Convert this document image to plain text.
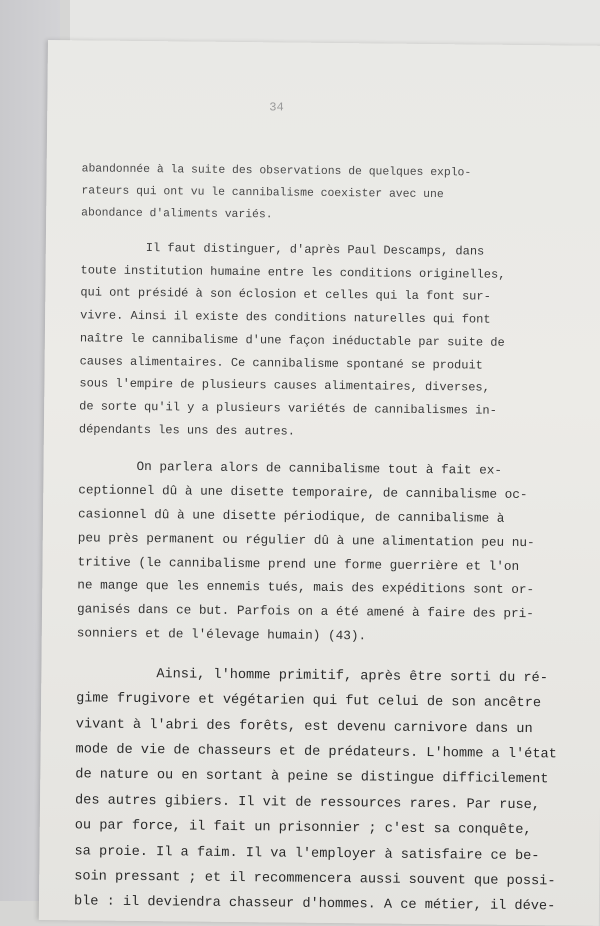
34
abandonnée à la suite des observations de quelques explo-
rateurs qui ont vu le cannibalisme coexister avec une
abondance d'aliments variés.
Il faut distinguer, d'après Paul Descamps, dans
toute institution humaine entre les conditions originelles,
qui ont présidé à son éclosion et celles qui la font sur-
vivre. Ainsi il existe des conditions naturelles qui font
naître le cannibalisme d'une façon inéductable par suite de
causes alimentaires. Ce cannibalisme spontané se produit
sous l'empire de plusieurs causes alimentaires, diverses,
de sorte qu'il y a plusieurs variétés de cannibalismes in-
dépendants les uns des autres.
On parlera alors de cannibalisme tout à fait ex-
ceptionnel dû à une disette temporaire, de cannibalisme oc-
casionnel dû à une disette périodique, de cannibalisme à
peu près permanent ou régulier dû à une alimentation peu nu-
tritive (le cannibalisme prend une forme guerrière et l'on
ne mange que les ennemis tués, mais des expéditions sont or-
ganisés dans ce but. Parfois on a été amené à faire des pri-
sonniers et de l'élevage humain) (43).
Ainsi, l'homme primitif, après être sorti du ré-
gime frugivore et végétarien qui fut celui de son ancêtre
vivant à l'abri des forêts, est devenu carnivore dans un
mode de vie de chasseurs et de prédateurs. L'homme a l'état
de nature ou en sortant à peine se distingue difficilement
des autres gibiers. Il vit de ressources rares. Par ruse,
ou par force, il fait un prisonnier ; c'est sa conquête,
sa proie. Il a faim. Il va l'employer à satisfaire ce be-
soin pressant ; et il recommencera aussi souvent que possi-
ble : il deviendra chasseur d'hommes. A ce métier, il déve-
